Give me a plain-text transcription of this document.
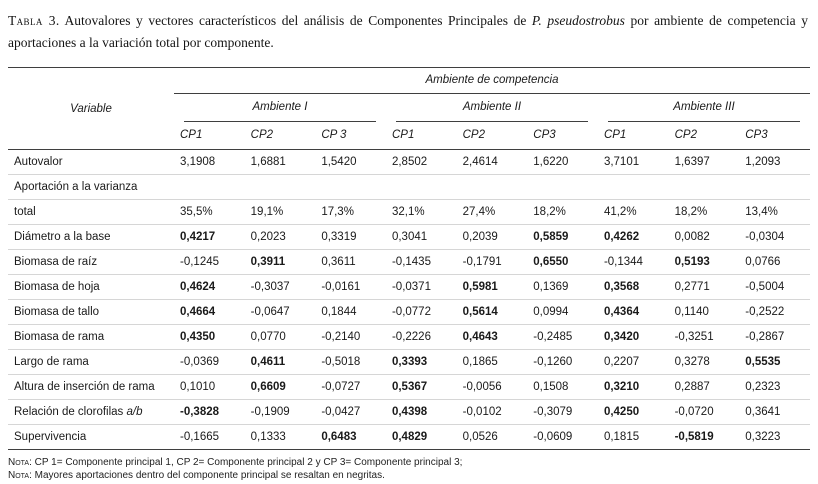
Tabla 3. Autovalores y vectores característicos del análisis de Componentes Principales de P. pseudostrobus por ambiente de competencia y aportaciones a la variación total por componente.

Variable	Ambiente de competencia								

	Ambiente I			Ambiente II			Ambiente III		

	CP1	CP2	CP 3	CP1	CP2	CP3	CP1	CP2	CP3
Autovalor	3,1908	1,6881	1,5420	2,8502	2,4614	1,6220	3,7101	1,6397	1,2093
Aportación a la varianza									
total	35,5%	19,1%	17,3%	32,1%	27,4%	18,2%	41,2%	18,2%	13,4%
Diámetro a la base	0,4217	0,2023	0,3319	0,3041	0,2039	0,5859	0,4262	0,0082	-0,0304
Biomasa de raíz	-0,1245	0,3911	0,3611	-0,1435	-0,1791	0,6550	-0,1344	0,5193	0,0766
Biomasa de hoja	0,4624	-0,3037	-0,0161	-0,0371	0,5981	0,1369	0,3568	0,2771	-0,5004
Biomasa de tallo	0,4664	-0,0647	0,1844	-0,0772	0,5614	0,0994	0,4364	0,1140	-0,2522
Biomasa de rama	0,4350	0,0770	-0,2140	-0,2226	0,4643	-0,2485	0,3420	-0,3251	-0,2867
Largo de rama	-0,0369	0,4611	-0,5018	0,3393	0,1865	-0,1260	0,2207	0,3278	0,5535
Altura de inserción de rama	0,1010	0,6609	-0,0727	0,5367	-0,0056	0,1508	0,3210	0,2887	0,2323
Relación de clorofilas a/b	-0,3828	-0,1909	-0,0427	0,4398	-0,0102	-0,3079	0,4250	-0,0720	0,3641
Supervivencia	-0,1665	0,1333	0,6483	0,4829	0,0526	-0,0609	0,1815	-0,5819	0,3223

Nota: CP 1= Componente principal 1, CP 2= Componente principal 2 y CP 3= Componente principal 3;

Nota: Mayores aportaciones dentro del componente principal se resaltan en negritas.
